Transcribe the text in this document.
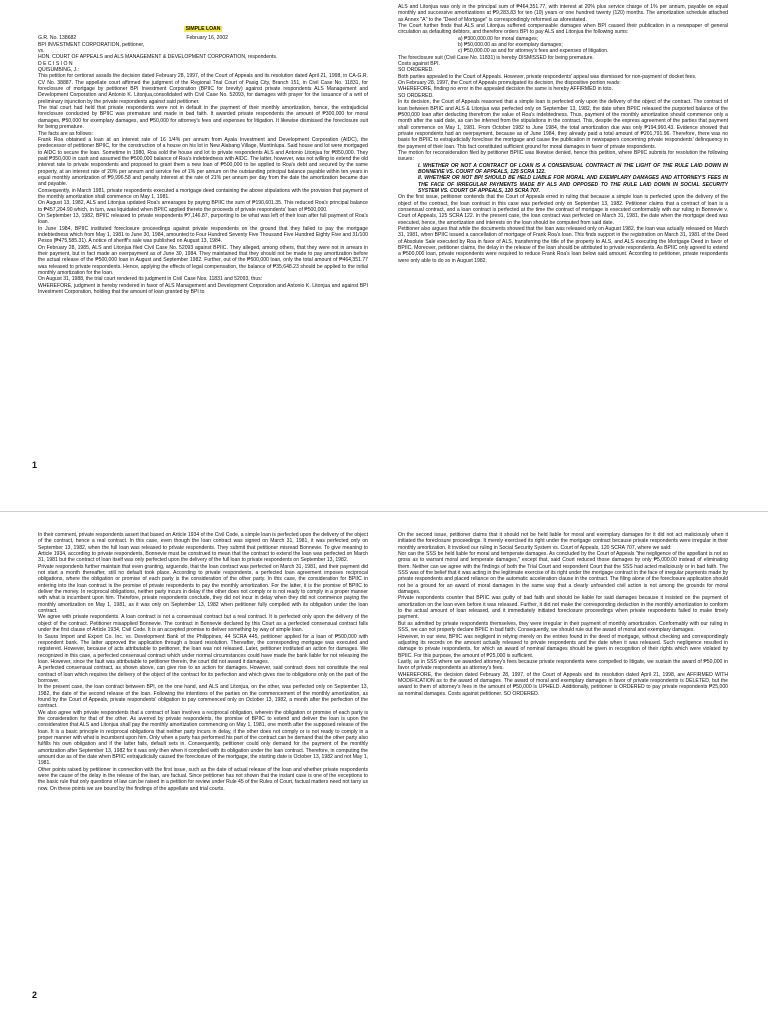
SIMPLE LOAN

G.R. No. 138682	February 16, 2002

BPI INVESTMENT CORPORATION, petitioner,

vs.

HON. COURT OF APPEALS and ALS MANAGEMENT & DEVELOPMENT CORPORATION, respondents.

D E C I S I O N

QUISUMBING, J.:

This petition for certiorari assails the decision dated February 28, 1997, of the Court of Appeals and its resolution dated April 21, 1998, in CA-G.R. CV No. 38887. The appellate court affirmed the judgment of the Regional Trial Court of Pasig City, Branch 151, in Civil Case No. 11831, for foreclosure of mortgage by petitioner BPI Investment Corporation (BPIIC for brevity) against private respondents ALS Management and Development Corporation and Antonio K. Litonjua,consolidated with Civil Case No. 52093, for damages with prayer for the issuance of a writ of preliminary injunction by the private respondents against said petitioner.

The trial court had held that private respondents were not in default in the payment of their monthly amortization, hence, the extrajudicial foreclosure conducted by BPIIC was premature and made in bad faith. It awarded private respondents the amount of ₱300,000 for moral damages, ₱50,000 for exemplary damages, and ₱50,000 for attorney's fees and expenses for litigation. It likewise dismissed the foreclosure suit for being premature.

The facts are as follows:

Frank Roa obtained a loan at an interest rate of 16 1/4% per annum from Ayala Investment and Development Corporation (AIDC), the predecessor of petitioner BPIIC, for the construction of a house on his lot in New Alabang Village, Muntinlupa. Said house and lot were mortgaged to AIDC to secure the loan. Sometime in 1980, Roa sold the house and lot to private respondents ALS and Antonio Litonjua for ₱850,000. They paid ₱350,000 in cash and assumed the ₱500,000 balance of Roa's indebtedness with AIDC. The latter, however, was not willing to extend the old interest rate to private respondents and proposed to grant them a new loan of ₱500,000 to be applied to Roa's debt and secured by the same property, at an interest rate of 20% per annum and service fee of 1% per annum on the outstanding principal balance payable within ten years in equal monthly amortization of ₱9,996.58 and penalty interest at the rate of 21% per annum per day from the date the amortization became due and payable.

Consequently, in March 1981, private respondents executed a mortgage deed containing the above stipulations with the provision that payment of the monthly amortization shall commence on May 1, 1981.

On August 13, 1982, ALS and Litonjua updated Roa's arrearages by paying BPIIC the sum of ₱190,601.35. This reduced Roa's principal balance to ₱457,204.90 which, in turn, was liquidated when BPIIC applied thereto the proceeds of private respondents' loan of ₱500,000.

On September 13, 1982, BPIIC released to private respondents ₱7,146.87, purporting to be what was left of their loan after full payment of Roa's loan.

In June 1984, BPIIC instituted foreclosure proceedings against private respondents on the ground that they failed to pay the mortgage indebtedness which from May 1, 1981 to June 30, 1984, amounted to Four Hundred Seventy Five Thousand Five Hundred Eighty Five and 31/100 Pesos (₱475,585.31). A notice of sheriff's sale was published on August 13, 1984.

On February 28, 1985, ALS and Litonjua filed Civil Case No. 52093 against BPIIC. They alleged, among others, that they were not in arrears in their payment, but in fact made an overpayment as of June 30, 1984. They maintained that they should not be made to pay amortization before the actual release of the ₱500,000 loan in August and September 1982. Further, out of the ₱500,000 loan, only the total amount of ₱464,351.77 was released to private respondents. Hence, applying the effects of legal compensation, the balance of ₱35,648.23 should be applied to the initial monthly amortization for the loan.

On August 31, 1988, the trial court rendered its judgment in Civil Case Nos. 11831 and 52093, thus:

WHEREFORE, judgment is hereby rendered in favor of ALS Management and Development Corporation and Antonio K. Litonjua and against BPI Investment Corporation, holding that the amount of loan granted by BPI to

ALS and Litonjua was only in the principal sum of ₱464,351.77, with interest at 20% plus service charge of 1% per annum, payable on equal monthly and successive amortizations at ₱9,283.83 for ten (10) years or one hundred twenty (120) months. The amortization schedule attached as Annex "A" to the "Deed of Mortgage" is correspondingly reformed as aforestated.

The Court further finds that ALS and Litonjua suffered compensable damages when BPI caused their publication in a newspaper of general circulation as defaulting debtors, and therefore orders BPI to pay ALS and Litonjua the following sums:

a) ₱300,000.00 for moral damages;

b) ₱50,000.00 as and for exemplary damages;

c) ₱50,000.00 as and for attorney's fees and expenses of litigation.

The foreclosure suit (Civil Case No. 11831) is hereby DISMISSED for being premature.

Costs against BPI.

SO ORDERED.

Both parties appealed to the Court of Appeals. However, private respondents' appeal was dismissed for non-payment of docket fees.

On February 28, 1997, the Court of Appeals promulgated its decision, the dispositive portion reads:

WHEREFORE, finding no error in the appealed decision the same is hereby AFFIRMED in toto.

SO ORDERED.

In its decision, the Court of Appeals reasoned that a simple loan is perfected only upon the delivery of the object of the contract. The contract of loan between BPIIC and ALS & Litonjua was perfected only on September 13, 1982, the date when BPIIC released the purported balance of the ₱500,000 loan after deducting therefrom the value of Roa's indebtedness. Thus, payment of the monthly amortization should commence only a month after the said date, as can be inferred from the stipulations in the contract. This, despite the express agreement of the parties that payment shall commence on May 1, 1981. From October 1982 to June 1984, the total amortization due was only ₱194,960.43. Evidence showed that private respondents had an overpayment, because as of June 1984, they already paid a total amount of ₱201,791.96. Therefore, there was no basis for BPIIC to extrajudicially foreclose the mortgage and cause the publication in newspapers concerning private respondents' delinquency in the payment of their loan. This fact constituted sufficient ground for moral damages in favor of private respondents.

The motion for reconsideration filed by petitioner BPIIC was likewise denied, hence this petition, where BPIIC submits for resolution the following issues:

I. WHETHER OR NOT A CONTRACT OF LOAN IS A CONSENSUAL CONTRACT IN THE LIGHT OF THE RULE LAID DOWN IN BONNEVIE VS. COURT OF APPEALS, 125 SCRA 122.

II. WHETHER OR NOT BPI SHOULD BE HELD LIABLE FOR MORAL AND EXEMPLARY DAMAGES AND ATTORNEY'S FEES IN THE FACE OF IRREGULAR PAYMENTS MADE BY ALS AND OPPOSED TO THE RULE LAID DOWN IN SOCIAL SECURITY SYSTEM VS. COURT OF APPEALS, 120 SCRA 707.

On the first issue, petitioner contends that the Court of Appeals erred in ruling that because a simple loan is perfected upon the delivery of the object of the contract, the loan contract in this case was perfected only on September 13, 1982. Petitioner claims that a contract of loan is a consensual contract, and a loan contract is perfected at the time the contract of mortgage is executed conformably with our ruling in Bonnevie v. Court of Appeals, 125 SCRA 122. In the present case, the loan contract was perfected on March 31, 1981, the date when the mortgage deed was executed, hence, the amortization and interests on the loan should be computed from said date.

Petitioner also argues that while the documents showed that the loan was released only on August 1982, the loan was actually released on March 31, 1981, when BPIIC issued a cancellation of mortgage of Frank Roa's loan. This finds support in the registration on March 31, 1981 of the Deed of Absolute Sale executed by Roa in favor of ALS, transferring the title of the property to ALS, and ALS executing the Mortgage Deed in favor of BPIIC. Moreover, petitioner claims, the delay in the release of the loan should be attributed to private respondents. As BPIIC only agreed to extend a ₱500,000 loan, private respondents were required to reduce Frank Roa's loan below said amount. According to petitioner, private respondents were only able to do so in August 1982.

1

In their comment, private respondents assert that based on Article 1934 of the Civil Code, a simple loan is perfected upon the delivery of the object of the contract, hence a real contract. In this case, even though the loan contract was signed on March 31, 1981, it was perfected only on September 13, 1982, when the full loan was released to private respondents. They submit that petitioner misread Bonnevie. To give meaning to Article 1934, according to private respondents, Bonnevie must be construed to mean that the contract to extend the loan was perfected on March 31, 1981 but the contract of loan itself was only perfected upon the delivery of the full loan to private respondents on September 13, 1982.

Private respondents further maintain that even granting, arguendo, that the loan contract was perfected on March 31, 1981, and their payment did not start a month thereafter, still no default took place. According to private respondents, a perfected loan agreement imposes reciprocal obligations, where the obligation or promise of each party is the consideration of the other party. In this case, the consideration for BPIIC in entering into the loan contract is the promise of private respondents to pay the monthly amortization. For the latter, it is the promise of BPIIC to deliver the money. In reciprocal obligations, neither party incurs in delay if the other does not comply or is not ready to comply in a proper manner with what is incumbent upon him. Therefore, private respondents conclude, they did not incur in delay when they did not commence paying the monthly amortization on May 1, 1981, as it was only on September 13, 1982 when petitioner fully complied with its obligation under the loan contract.

We agree with private respondents. A loan contract is not a consensual contract but a real contract. It is perfected only upon the delivery of the object of the contract. Petitioner misapplied Bonnevie. The contract in Bonnevie declared by this Court as a perfected consensual contract falls under the first clause of Article 1934, Civil Code. It is an accepted promise to deliver something by way of simple loan.

In Saura Import and Export Co. Inc. vs. Development Bank of the Philippines, 44 SCRA 445, petitioner applied for a loan of ₱500,000 with respondent bank. The latter approved the application through a board resolution. Thereafter, the corresponding mortgage was executed and registered. However, because of acts attributable to petitioner, the loan was not released. Later, petitioner instituted an action for damages. We recognized in this case, a perfected consensual contract which under normal circumstances could have made the bank liable for not releasing the loan. However, since the fault was attributable to petitioner therein, the court did not award it damages.

A perfected consensual contract, as shown above, can give rise to an action for damages. However, said contract does not constitute the real contract of loan which requires the delivery of the object of the contract for its perfection and which gives rise to obligations only on the part of the borrower.

In the present case, the loan contract between BPI, on the one hand, and ALS and Litonjua, on the other, was perfected only on September 13, 1982, the date of the second release of the loan. Following the intentions of the parties on the commencement of the monthly amortization, as found by the Court of Appeals, private respondents' obligation to pay commenced only on October 13, 1982, a month after the perfection of the contract.

We also agree with private respondents that a contract of loan involves a reciprocal obligation, wherein the obligation or promise of each party is the consideration for that of the other. As averred by private respondents, the promise of BPIIC to extend and deliver the loan is upon the consideration that ALS and Litonjua shall pay the monthly amortization commencing on May 1, 1981, one month after the supposed release of the loan. It is a basic principle in reciprocal obligations that neither party incurs in delay, if the other does not comply or is not ready to comply in a proper manner with what is incumbent upon him. Only when a party has performed his part of the contract can he demand that the other party also fulfills his own obligation and if the latter fails, default sets in. Consequently, petitioner could only demand for the payment of the monthly amortization after September 13, 1982 for it was only then when it complied with its obligation under the loan contract. Therefore, in computing the amount due as of the date when BPIIC extrajudicially caused the foreclosure of the mortgage, the starting date is October 13, 1982 and not May 1, 1981.

Other points raised by petitioner in connection with the first issue, such as the date of actual release of the loan and whether private respondents were the cause of the delay in the release of the loan, are factual. Since petitioner has not shown that the instant case is one of the exceptions to the basic rule that only questions of law can be raised in a petition for review under Rule 45 of the Rules of Court, factual matters need not tarry us now. On these points we are bound by the findings of the appellate and trial courts.

On the second issue, petitioner claims that it should not be held liable for moral and exemplary damages for it did not act maliciously when it initiated the foreclosure proceedings. It merely exercised its right under the mortgage contract because private respondents were irregular in their monthly amortization. It invoked our ruling in Social Security System vs. Court of Appeals, 120 SCRA 707, where we said:

Nor can the SSS be held liable for moral and temperate damages. As concluded by the Court of Appeals "the negligence of the appellant is not so gross as to warrant moral and temperate damages," except that, said Court reduced those damages by only ₱5,000.00 instead of eliminating them. Neither can we agree with the findings of both the Trial Court and respondent Court that the SSS had acted maliciously or in bad faith. The SSS was of the belief that it was acting in the legitimate exercise of its right under the mortgage contract in the face of irregular payments made by private respondents and placed reliance on the automatic acceleration clause in the contract. The filing alone of the foreclosure application should not be a ground for an award of moral damages in the same way that a clearly unfounded civil action is not among the grounds for moral damages.

Private respondents counter that BPIIC was guilty of bad faith and should be liable for said damages because it insisted on the payment of amortization on the loan even before it was released. Further, it did not make the corresponding deduction in the monthly amortization to conform to the actual amount of loan released, and it immediately initiated foreclosure proceedings when private respondents failed to make timely payment.

But as admitted by private respondents themselves, they were irregular in their payment of monthly amortization. Conformably with our ruling in SSS, we can not properly declare BPIIC in bad faith. Consequently, we should rule out the award of moral and exemplary damages.

However, in our view, BPIIC was negligent in relying merely on the entries found in the deed of mortgage, without checking and correspondingly adjusting its records on the amount actually released to private respondents and the date when it was released. Such negligence resulted in damage to private respondents, for which an award of nominal damages should be given in recognition of their rights which were violated by BPIIC. For this purpose, the amount of ₱25,000 is sufficient.

Lastly, as in SSS where we awarded attorney's fees because private respondents were compelled to litigate, we sustain the award of ₱50,000 in favor of private respondents as attorney's fees.

WHEREFORE, the decision dated February 28, 1997, of the Court of Appeals and its resolution dated April 21, 1998, are AFFIRMED WITH MODIFICATION as to the award of damages. The award of moral and exemplary damages in favor of private respondents is DELETED, but the award to them of attorney's fees in the amount of ₱50,000 is UPHELD. Additionally, petitioner is ORDERED to pay private respondents ₱25,000 as nominal damages. Costs against petitioner. SO ORDERED.

2
